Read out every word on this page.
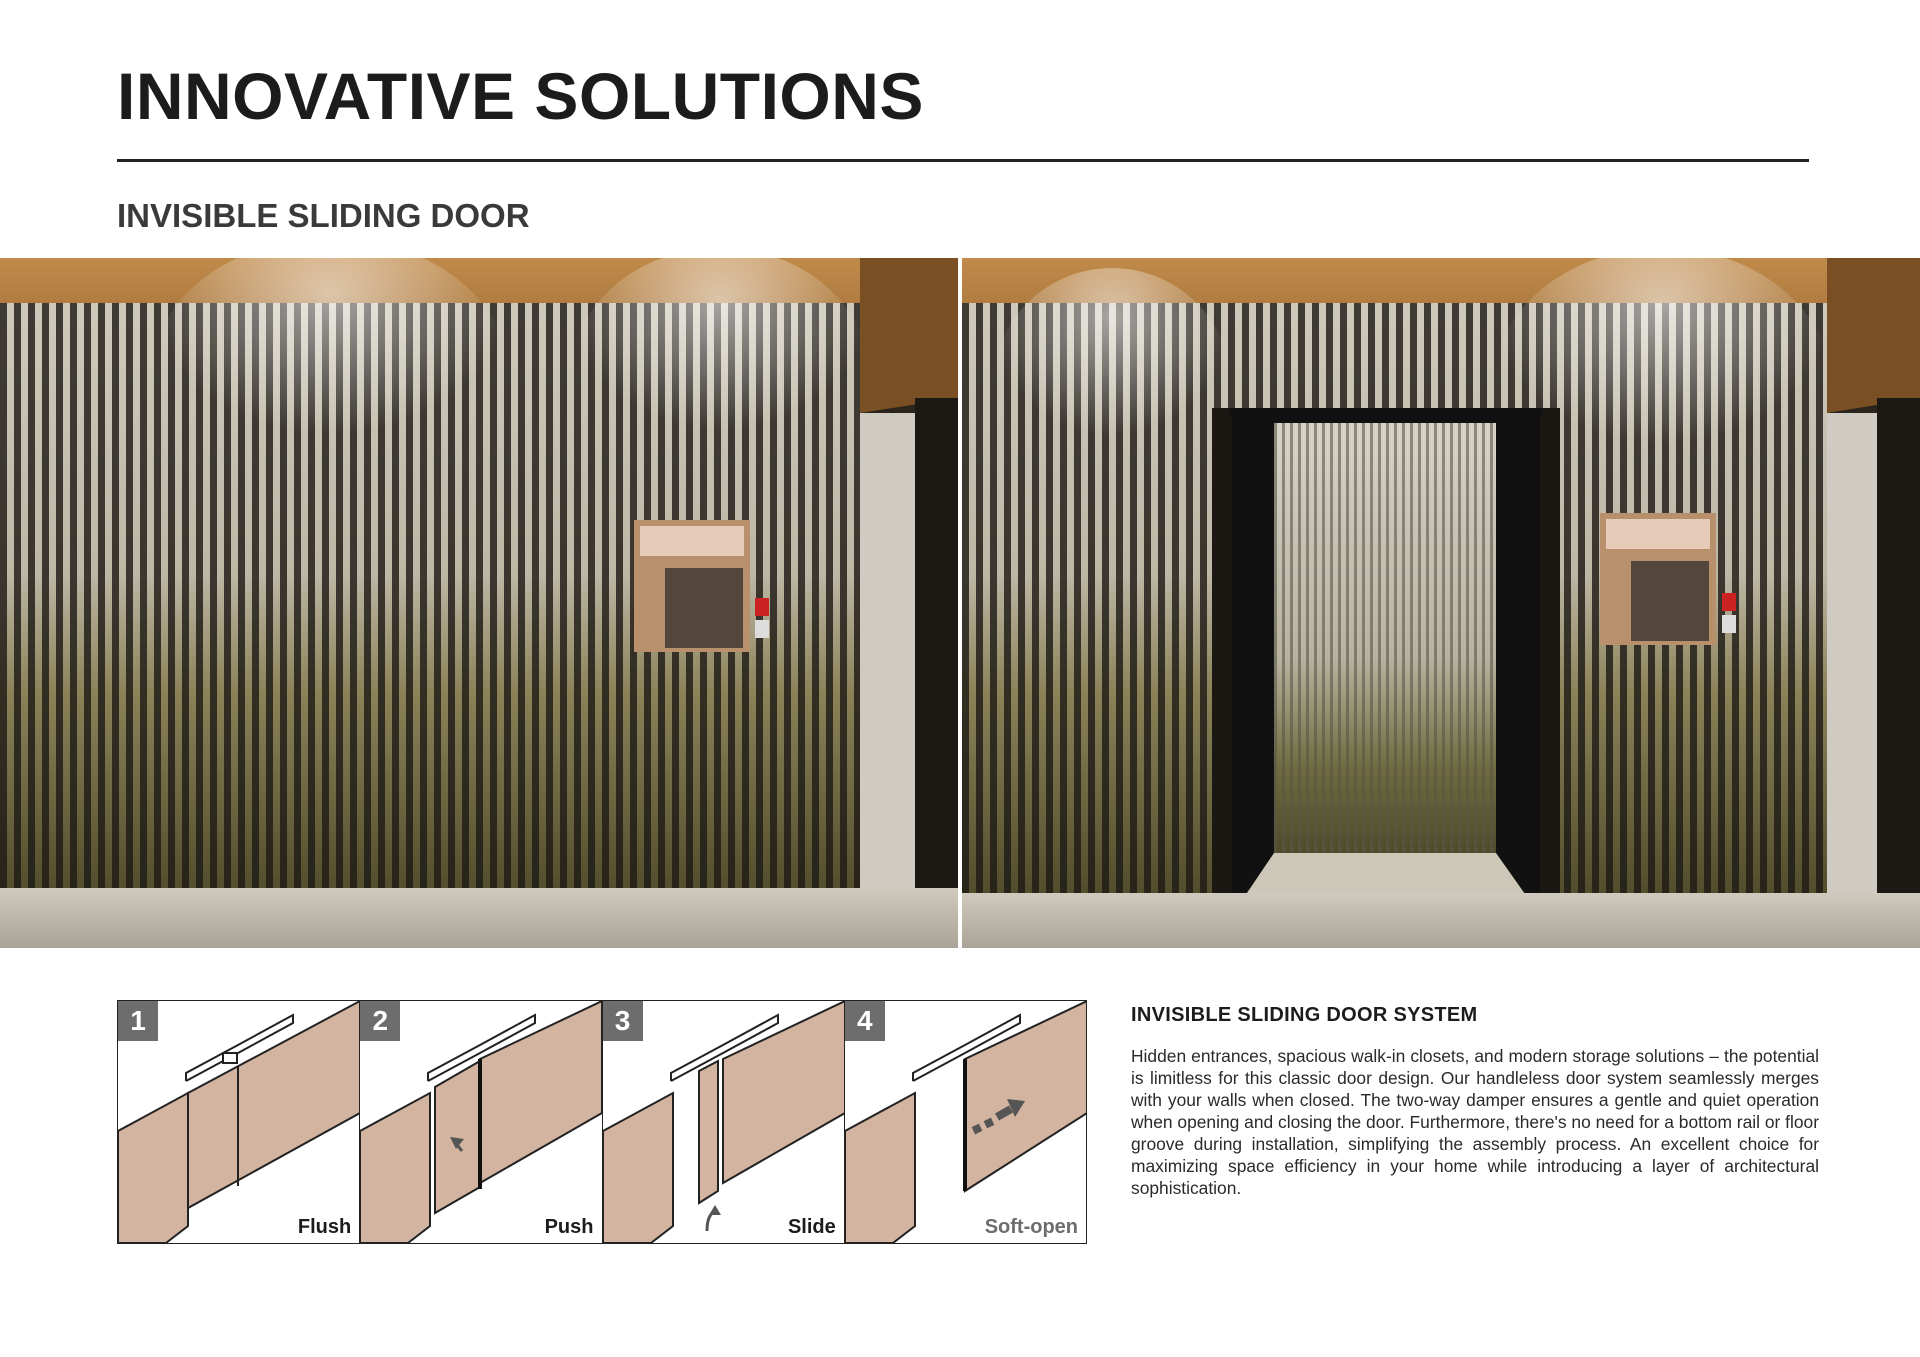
INNOVATIVE SOLUTIONS
INVISIBLE SLIDING DOOR
1
Flush
2
Push
3
Slide
4
Soft-open
INVISIBLE SLIDING DOOR SYSTEM

Hidden entrances, spacious walk-in closets, and modern storage solutions – the potential is limitless for this classic door design. Our handleless door system seamlessly merges with your walls when closed. The two-way damper ensures a gentle and quiet operation when opening and closing the door. Furthermore, there's no need for a bottom rail or floor groove during installation, simplifying the assembly process. An excellent choice for maximizing space efficiency in your home while introducing a layer of architectural sophistication.
